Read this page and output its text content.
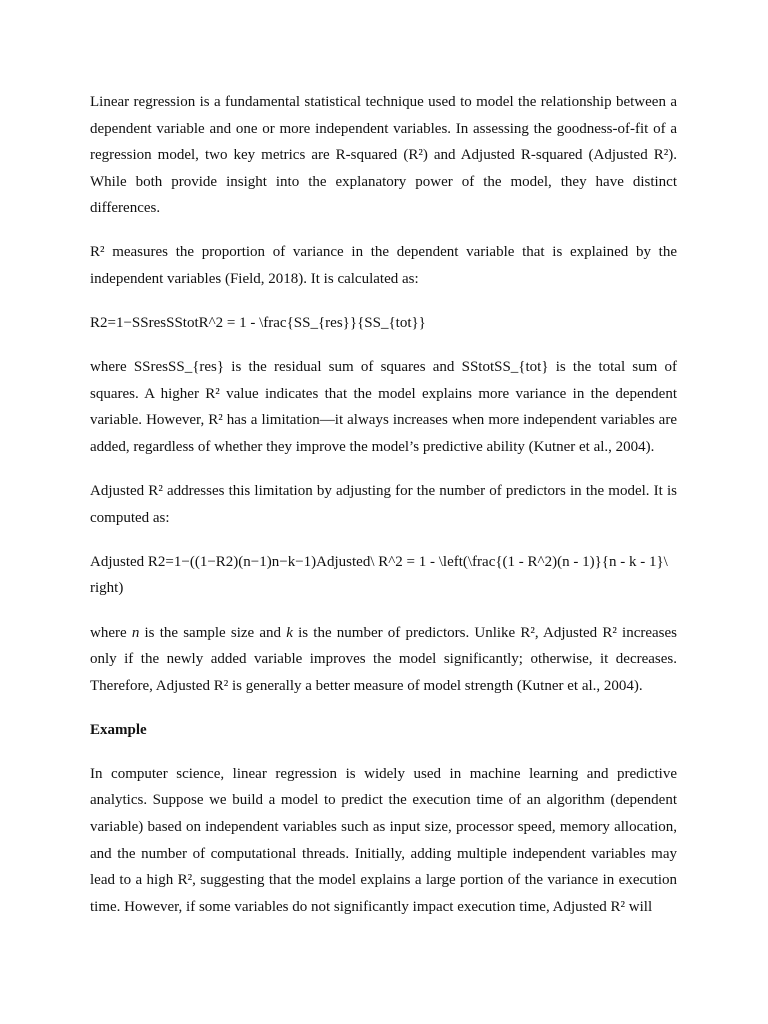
Linear regression is a fundamental statistical technique used to model the relationship between a dependent variable and one or more independent variables. In assessing the goodness-of-fit of a regression model, two key metrics are R-squared (R²) and Adjusted R-squared (Adjusted R²). While both provide insight into the explanatory power of the model, they have distinct differences.

R² measures the proportion of variance in the dependent variable that is explained by the independent variables (Field, 2018). It is calculated as:

R2=1−SSresSStotR^2 = 1 - \frac{SS_{res}}{SS_{tot}}

where SSresSS_{res} is the residual sum of squares and SStotSS_{tot} is the total sum of squares. A higher R² value indicates that the model explains more variance in the dependent variable. However, R² has a limitation—it always increases when more independent variables are added, regardless of whether they improve the model’s predictive ability (Kutner et al., 2004).

Adjusted R² addresses this limitation by adjusting for the number of predictors in the model. It is computed as:

Adjusted R2=1−((1−R2)(n−1)n−k−1)Adjusted\ R^2 = 1 - \left(\frac{(1 - R^2)(n - 1)}{n - k - 1}\ right)

where n is the sample size and k is the number of predictors. Unlike R², Adjusted R² increases only if the newly added variable improves the model significantly; otherwise, it decreases. Therefore, Adjusted R² is generally a better measure of model strength (Kutner et al., 2004).

Example

In computer science, linear regression is widely used in machine learning and predictive analytics. Suppose we build a model to predict the execution time of an algorithm (dependent variable) based on independent variables such as input size, processor speed, memory allocation, and the number of computational threads. Initially, adding multiple independent variables may lead to a high R², suggesting that the model explains a large portion of the variance in execution time. However, if some variables do not significantly impact execution time, Adjusted R² will
